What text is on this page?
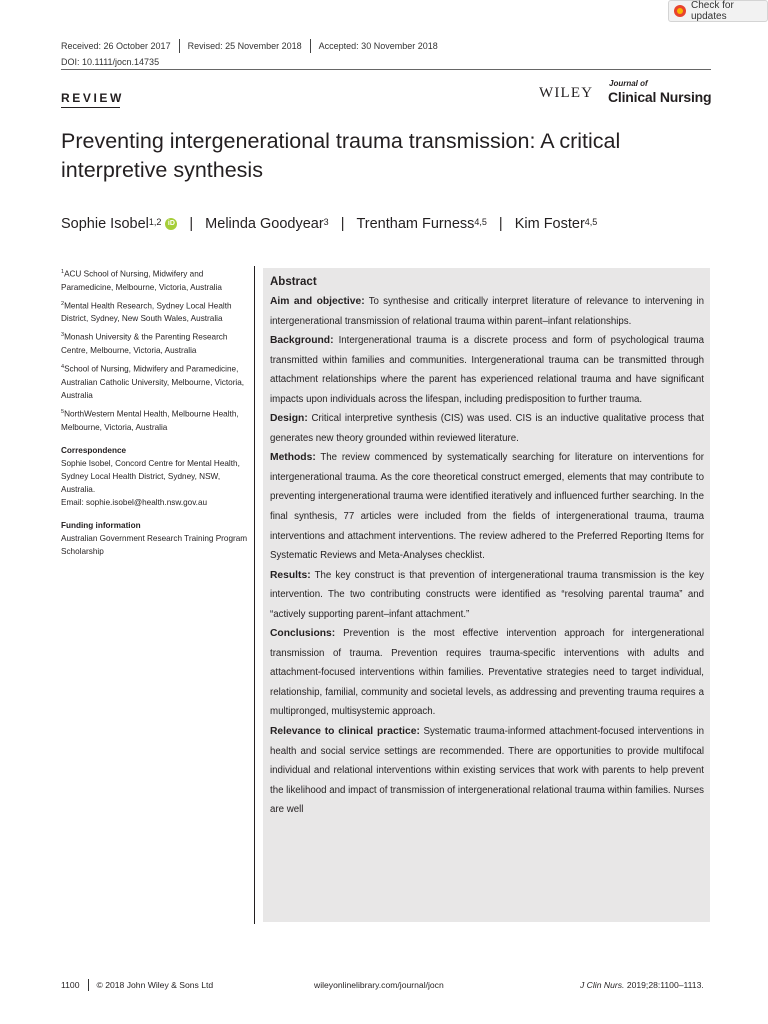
Check for updates
Received: 26 October 2017 Revised: 25 November 2018 Accepted: 30 November 2018
DOI: 10.1111/jocn.14735
REVIEW	WILEY
Journal of
Clinical Nursing
Preventing intergenerational trauma transmission: A critical interpretive synthesis
Sophie Isobel$^{1,2}$ iD | Melinda Goodyear$^3$ | Trentham Furness$^{4,5}$ | Kim Foster$^{4,5}$

$^1$ACU School of Nursing, Midwifery and Paramedicine, Melbourne, Victoria, Australia

$^2$Mental Health Research, Sydney Local Health District, Sydney, New South Wales, Australia

$^3$Monash University & the Parenting Research Centre, Melbourne, Victoria, Australia

$^4$School of Nursing, Midwifery and Paramedicine, Australian Catholic University, Melbourne, Victoria, Australia

$^5$NorthWestern Mental Health, Melbourne Health, Melbourne, Victoria, Australia

Correspondence
Sophie Isobel, Concord Centre for Mental Health, Sydney Local Health District, Sydney, NSW, Australia.
Email: sophie.isobel@health.nsw.gov.au
Funding information
Australian Government Research Training Program Scholarship
Abstract

Aim and objective: To synthesise and critically interpret literature of relevance to intervening in intergenerational transmission of relational trauma within parent–infant relationships.

Background: Intergenerational trauma is a discrete process and form of psychological trauma transmitted within families and communities. Intergenerational trauma can be transmitted through attachment relationships where the parent has experienced relational trauma and have significant impacts upon individuals across the lifespan, including predisposition to further trauma.

Design: Critical interpretive synthesis (CIS) was used. CIS is an inductive qualitative process that generates new theory grounded within reviewed literature.

Methods: The review commenced by systematically searching for literature on interventions for intergenerational trauma. As the core theoretical construct emerged, elements that may contribute to preventing intergenerational trauma were identified iteratively and influenced further searching. In the final synthesis, 77 articles were included from the fields of intergenerational trauma, trauma interventions and attachment interventions. The review adhered to the Preferred Reporting Items for Systematic Reviews and Meta-Analyses checklist.

Results: The key construct is that prevention of intergenerational trauma transmission is the key intervention. The two contributing constructs were identified as “resolving parental trauma” and “actively supporting parent–infant attachment.”

Conclusions: Prevention is the most effective intervention approach for intergenerational transmission of trauma. Prevention requires trauma-specific interventions with adults and attachment-focused interventions within families. Preventative strategies need to target individual, relationship, familial, community and societal levels, as addressing and preventing trauma requires a multipronged, multisystemic approach.

Relevance to clinical practice: Systematic trauma-informed attachment-focused interventions in health and social service settings are recommended. There are opportunities to provide multifocal individual and relational interventions within existing services that work with parents to help prevent the likelihood and impact of transmission of intergenerational relational trauma within families. Nurses are well

1100 © 2018 John Wiley & Sons Ltd	wileyonlinelibrary.com/journal/jocn	J Clin Nurs. 2019;28:1100–1113.
